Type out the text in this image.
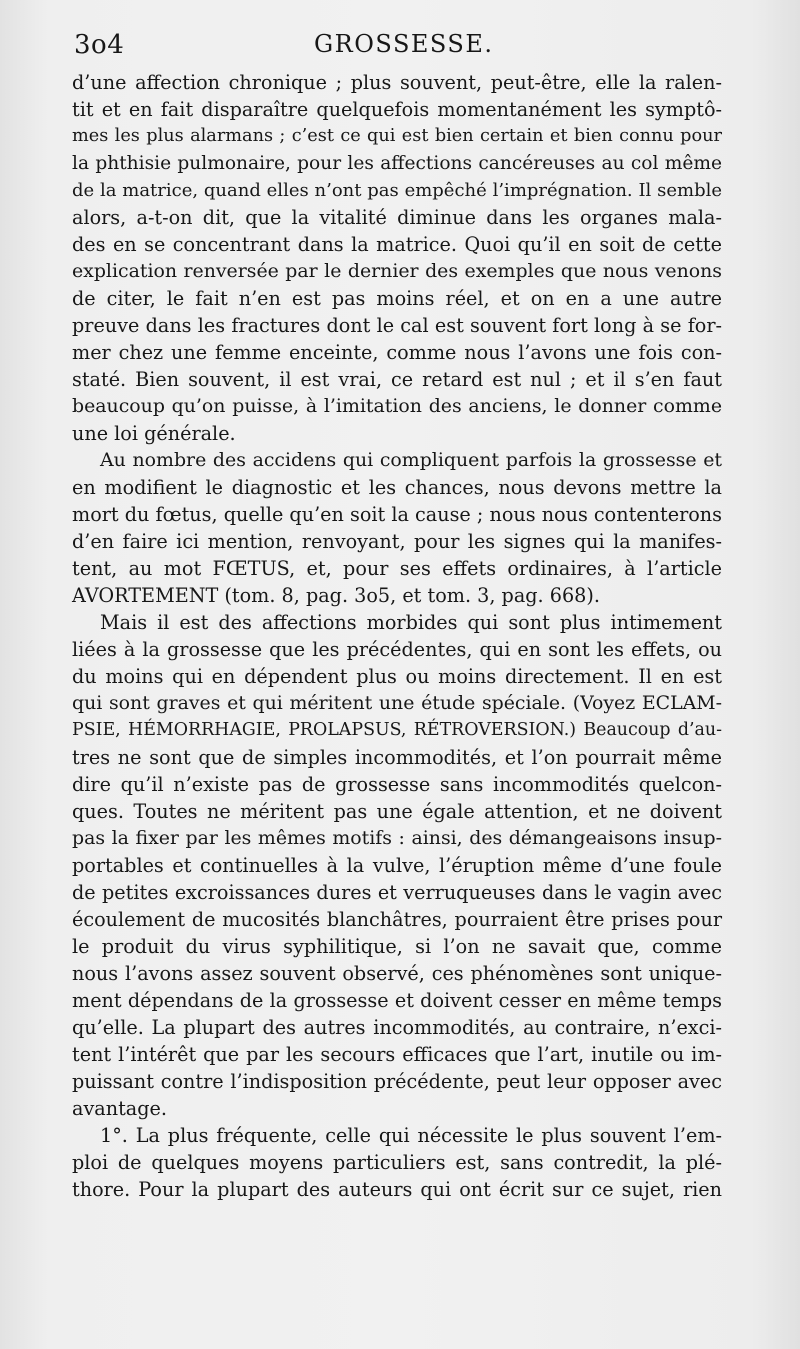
3o4	GROSSESSE.
d’une affection chronique ; plus souvent, peut-être, elle la ralen-
tit et en fait disparaître quelquefois momentanément les symptô-
mes les plus alarmans ; c’est ce qui est bien certain et bien connu pour
la phthisie pulmonaire, pour les affections cancéreuses au col même
de la matrice, quand elles n’ont pas empêché l’imprégnation. Il semble
alors, a-t-on dit, que la vitalité diminue dans les organes mala-
des en se concentrant dans la matrice. Quoi qu’il en soit de cette
explication renversée par le dernier des exemples que nous venons
de citer, le fait n’en est pas moins réel, et on en a une autre
preuve dans les fractures dont le cal est souvent fort long à se for-
mer chez une femme enceinte, comme nous l’avons une fois con-
staté. Bien souvent, il est vrai, ce retard est nul ; et il s’en faut
beaucoup qu’on puisse, à l’imitation des anciens, le donner comme
une loi générale.
Au nombre des accidens qui compliquent parfois la grossesse et
en modifient le diagnostic et les chances, nous devons mettre la
mort du fœtus, quelle qu’en soit la cause ; nous nous contenterons
d’en faire ici mention, renvoyant, pour les signes qui la manifes-
tent, au mot FŒTUS, et, pour ses effets ordinaires, à l’article
AVORTEMENT (tom. 8, pag. 3o5, et tom. 3, pag. 668).
Mais il est des affections morbides qui sont plus intimement
liées à la grossesse que les précédentes, qui en sont les effets, ou
du moins qui en dépendent plus ou moins directement. Il en est
qui sont graves et qui méritent une étude spéciale. (Voyez ECLAM-
PSIE, HÉMORRHAGIE, PROLAPSUS, RÉTROVERSION.) Beaucoup d’au-
tres ne sont que de simples incommodités, et l’on pourrait même
dire qu’il n’existe pas de grossesse sans incommodités quelcon-
ques. Toutes ne méritent pas une égale attention, et ne doivent
pas la fixer par les mêmes motifs : ainsi, des démangeaisons insup-
portables et continuelles à la vulve, l’éruption même d’une foule
de petites excroissances dures et verruqueuses dans le vagin avec
écoulement de mucosités blanchâtres, pourraient être prises pour
le produit du virus syphilitique, si l’on ne savait que, comme
nous l’avons assez souvent observé, ces phénomènes sont unique-
ment dépendans de la grossesse et doivent cesser en même temps
qu’elle. La plupart des autres incommodités, au contraire, n’exci-
tent l’intérêt que par les secours efficaces que l’art, inutile ou im-
puissant contre l’indisposition précédente, peut leur opposer avec
avantage.
1°. La plus fréquente, celle qui nécessite le plus souvent l’em-
ploi de quelques moyens particuliers est, sans contredit, la plé-
thore. Pour la plupart des auteurs qui ont écrit sur ce sujet, rien
